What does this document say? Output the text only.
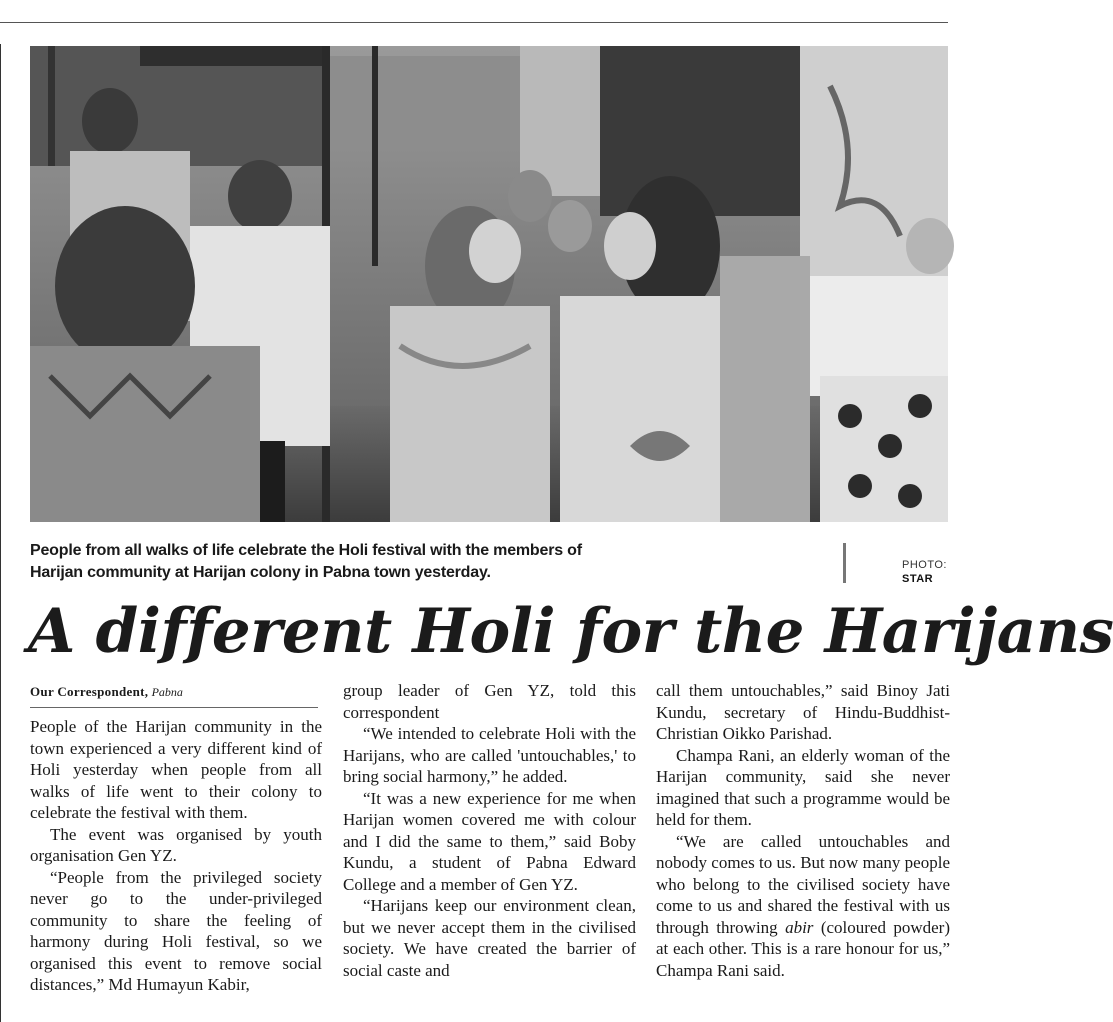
People from all walks of life celebrate the Holi festival with the members of
Harijan community at Harijan colony in Pabna town yesterday.	PHOTO:
STAR
A different Holi for the Harijans
Our Correspondent, Pabna

People of the Harijan community in the town experienced a very different kind of Holi yesterday when people from all walks of life went to their colony to celebrate the festival with them.

The event was organised by youth organisation Gen YZ.

“People from the privileged society never go to the under-privileged community to share the feeling of harmony during Holi festival, so we organised this event to remove social distances,” Md Humayun Kabir,

group leader of Gen YZ, told this correspondent

“We intended to celebrate Holi with the Harijans, who are called 'untouchables,' to bring social harmony,” he added.

“It was a new experience for me when Harijan women covered me with colour and I did the same to them,” said Boby Kundu, a student of Pabna Edward College and a member of Gen YZ.

“Harijans keep our environment clean, but we never accept them in the civilised society. We have created the barrier of social caste and

call them untouchables,” said Binoy Jati Kundu, secretary of Hindu-Buddhist-Christian Oikko Parishad.

Champa Rani, an elderly woman of the Harijan community, said she never imagined that such a programme would be held for them.

“We are called untouchables and nobody comes to us. But now many people who belong to the civilised society have come to us and shared the festival with us through throwing abir (coloured powder) at each other. This is a rare honour for us,” Champa Rani said.
